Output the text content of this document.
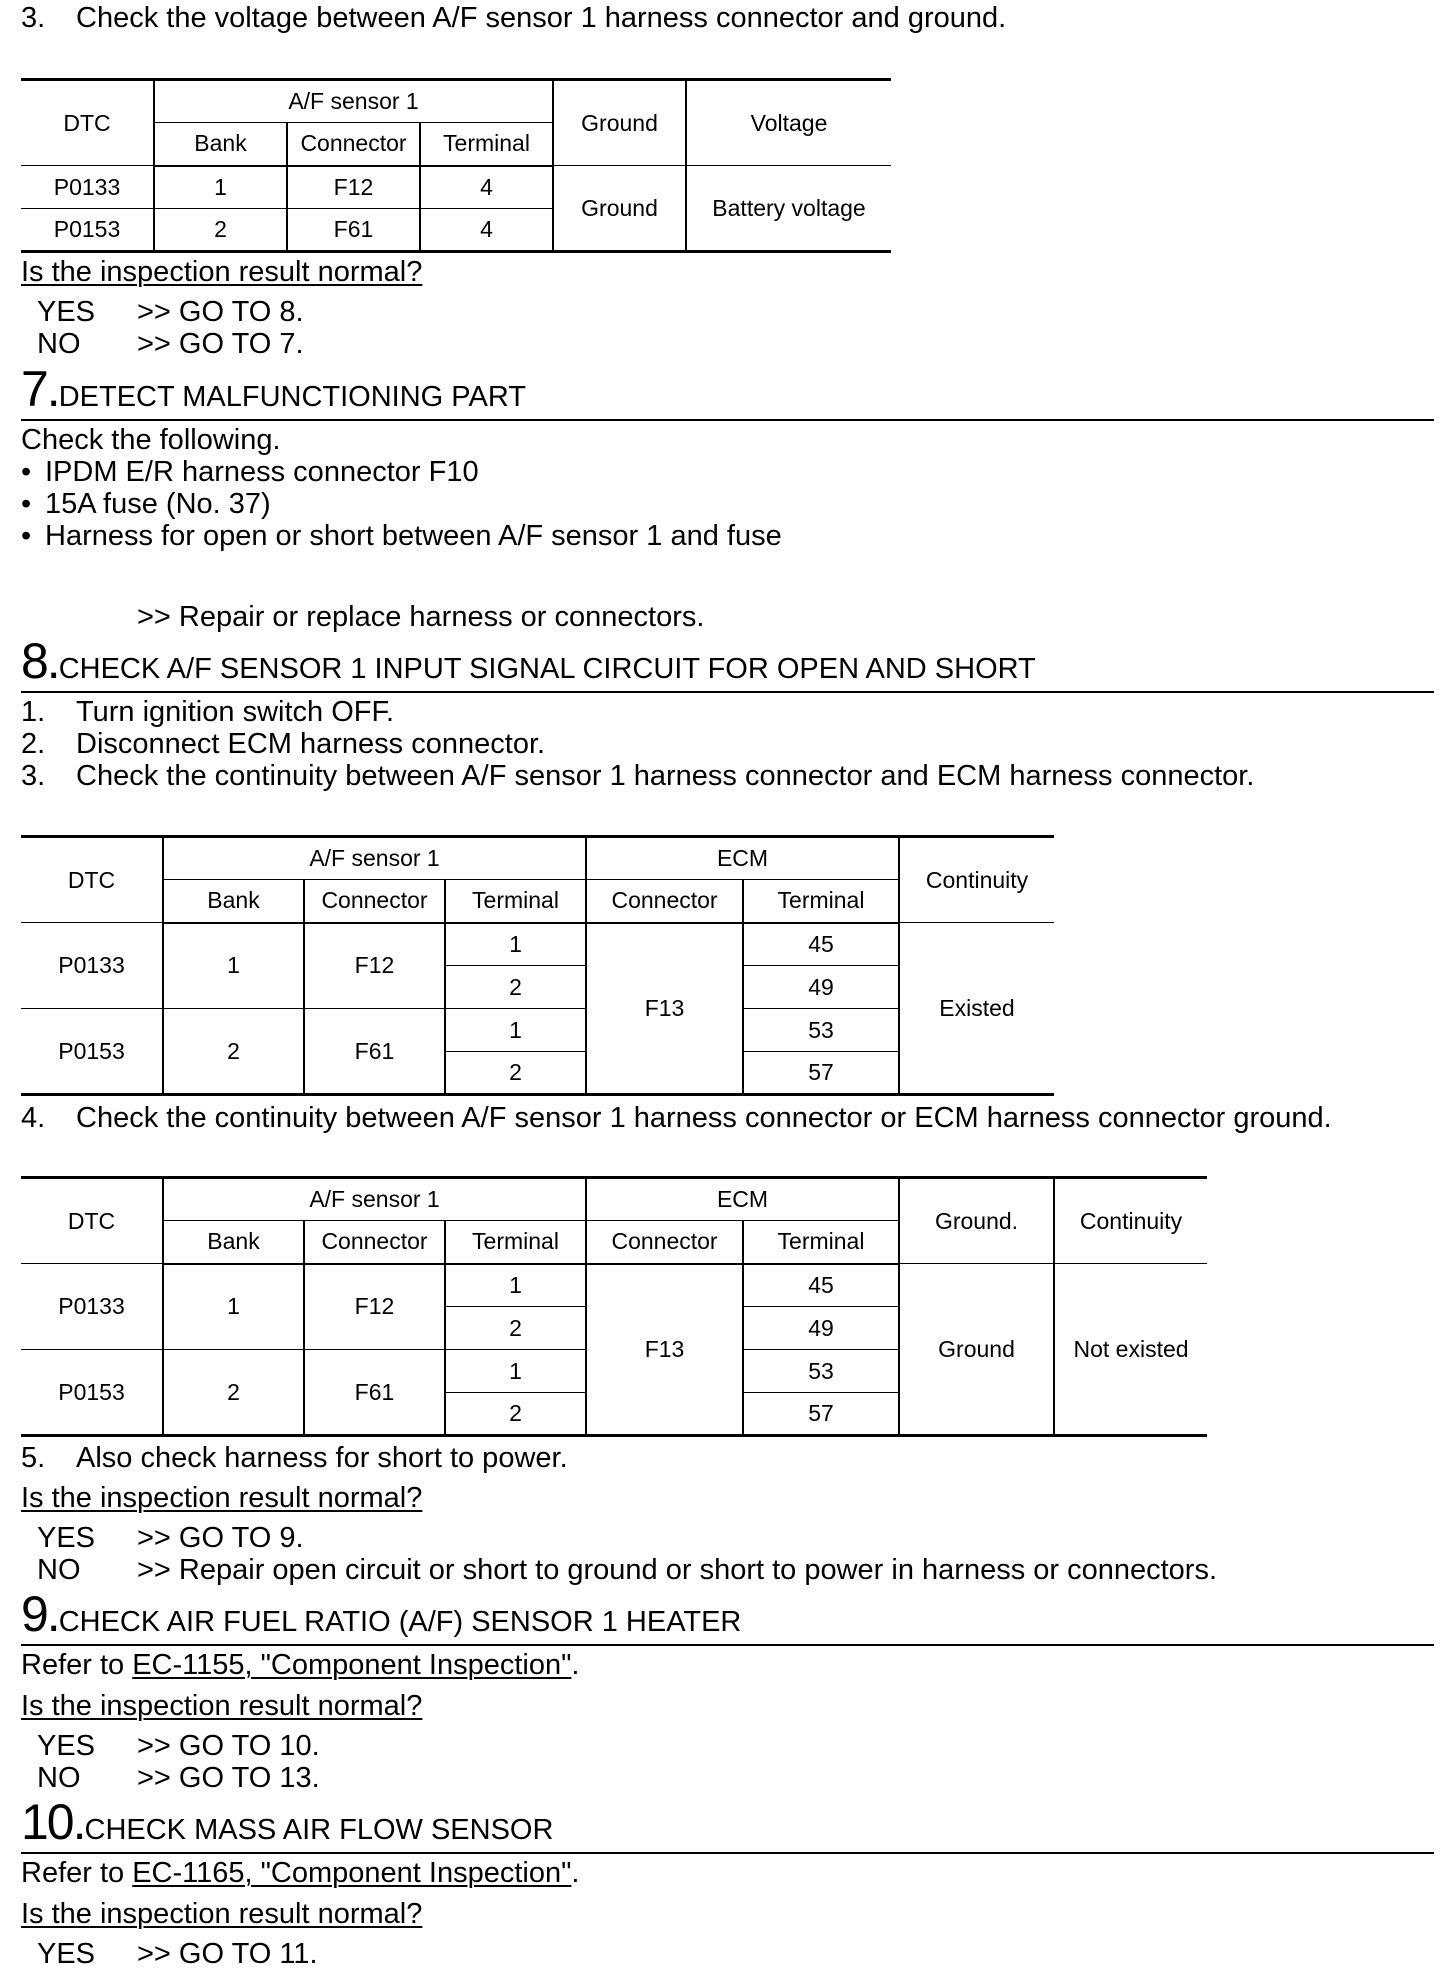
3. Check the voltage between A/F sensor 1 harness connector and ground.
DTC	A/F sensor 1			Ground	Voltage
	Bank	Connector	Terminal		
P0133	1	F12	4	Ground	Battery voltage
P0153	2	F61	4		
Is the inspection result normal?
YES >> GO TO 8.
NO >> GO TO 7.
7.DETECT MALFUNCTIONING PART
Check the following.
• IPDM E/R harness connector F10
• 15A fuse (No. 37)
• Harness for open or short between A/F sensor 1 and fuse
>> Repair or replace harness or connectors.
8.CHECK A/F SENSOR 1 INPUT SIGNAL CIRCUIT FOR OPEN AND SHORT
1. Turn ignition switch OFF.
2. Disconnect ECM harness connector.
3. Check the continuity between A/F sensor 1 harness connector and ECM harness connector.
DTC	A/F sensor 1			ECM		Continuity
	Bank	Connector	Terminal	Connector	Terminal	
P0133	1	F12	1	F13	45	Existed
			2		49	
P0153	2	F61	1		53	
			2		57	
4. Check the continuity between A/F sensor 1 harness connector or ECM harness connector ground.
DTC	A/F sensor 1			ECM		Ground.	Continuity
	Bank	Connector	Terminal	Connector	Terminal		
P0133	1	F12	1	F13	45	Ground	Not existed
			2		49		
P0153	2	F61	1		53		
			2		57		
5. Also check harness for short to power.
Is the inspection result normal?
YES >> GO TO 9.
NO >> Repair open circuit or short to ground or short to power in harness or connectors.
9.CHECK AIR FUEL RATIO (A/F) SENSOR 1 HEATER
Refer to EC-1155, "Component Inspection".
Is the inspection result normal?
YES >> GO TO 10.
NO >> GO TO 13.
10.CHECK MASS AIR FLOW SENSOR
Refer to EC-1165, "Component Inspection".
Is the inspection result normal?
YES >> GO TO 11.
